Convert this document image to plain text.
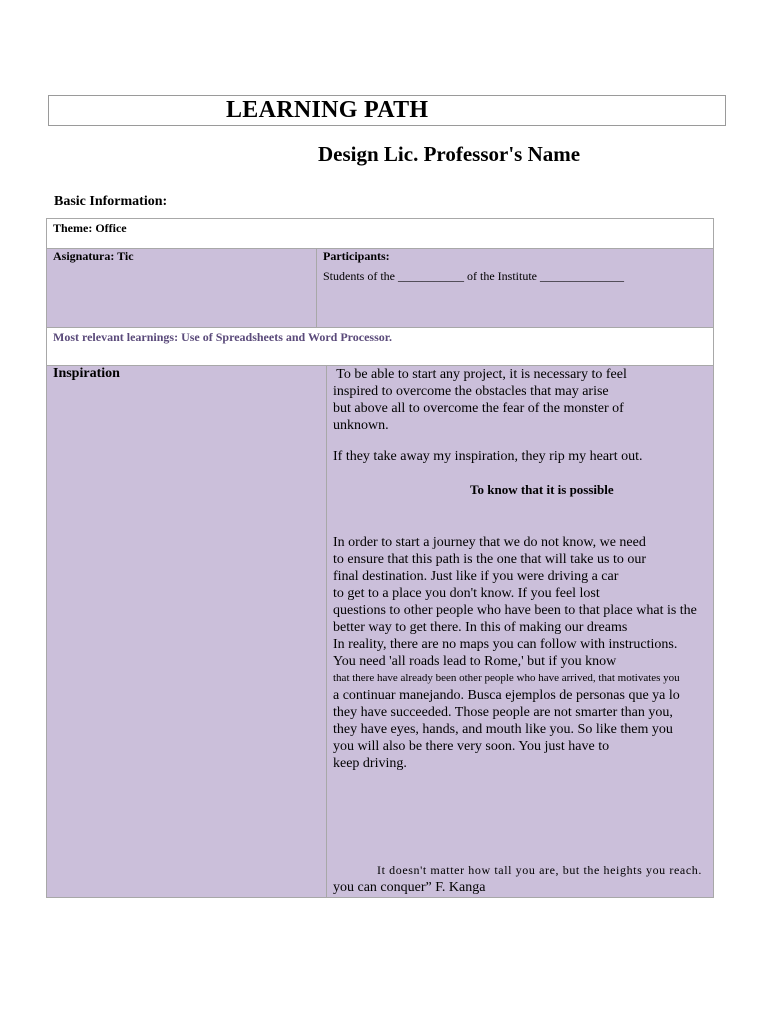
LEARNING PATH
Design Lic. Professor's Name
Basic Information:
Theme: Office
Asignatura: Tic	Participants:
Students of the ___________ of the Institute ______________
Most relevant learnings: Use of Spreadsheets and Word Processor.
Inspiration	To be able to start any project, it is necessary to feel
inspired to overcome the obstacles that may arise
but above all to overcome the fear of the monster of
unknown.
If they take away my inspiration, they rip my heart out.
To know that it is possible
In order to start a journey that we do not know, we need
to ensure that this path is the one that will take us to our
final destination. Just like if you were driving a car
to get to a place you don't know. If you feel lost
questions to other people who have been to that place what is the
better way to get there. In this of making our dreams
In reality, there are no maps you can follow with instructions.
You need 'all roads lead to Rome,' but if you know
that there have already been other people who have arrived, that motivates you
a continuar manejando. Busca ejemplos de personas que ya lo
they have succeeded. Those people are not smarter than you,
they have eyes, hands, and mouth like you. So like them you
you will also be there very soon. You just have to
keep driving.
It doesn't matter how tall you are, but the heights you reach.
you can conquer” F. Kanga
